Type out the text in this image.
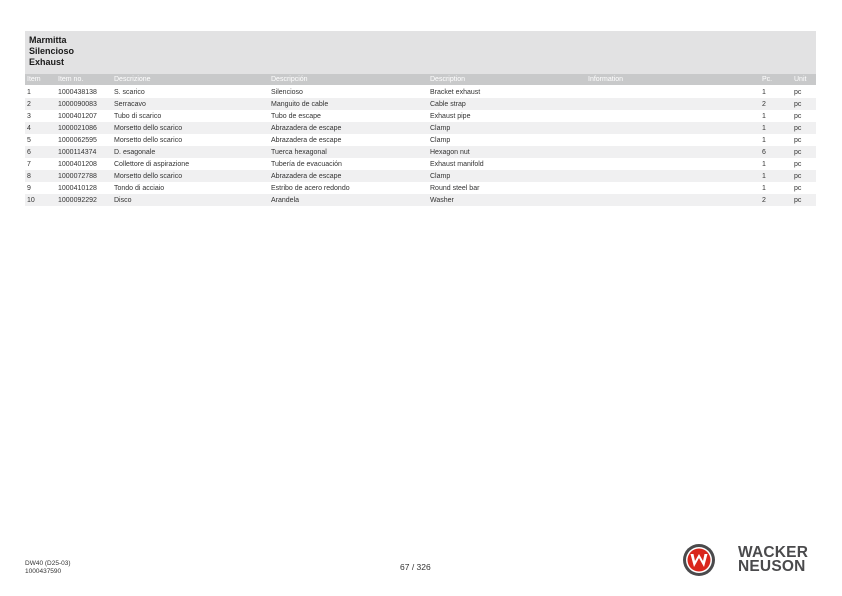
Marmitta
Silencioso
Exhaust
Item Item no.	Descrizione	Descripción	Description	Information	Pc.	Unit
1	1000438138 S. scarico	Silencioso	Bracket exhaust	1	pc
2	1000090083 Serracavo	Manguito de cable	Cable strap	2	pc
3	1000401207 Tubo di scarico	Tubo de escape	Exhaust pipe	1	pc
4	1000021086 Morsetto dello scarico	Abrazadera de escape	Clamp	1	pc
5	1000062595 Morsetto dello scarico	Abrazadera de escape	Clamp	1	pc
6	1000114374	D. esagonale	Tuerca hexagonal	Hexagon nut	6	pc
7	1000401208 Collettore di aspirazione	Tubería de evacuación	Exhaust manifold	1	pc
8	1000072788 Morsetto dello scarico	Abrazadera de escape	Clamp	1	pc
9	1000410128 Tondo di acciaio	Estribo de acero redondo	Round steel bar	1	pc
10	1000092292 Disco	Arandela	Washer	2	pc
DW40 (D25-03)
1000437590	67 / 326
WACKER
NEUSON
